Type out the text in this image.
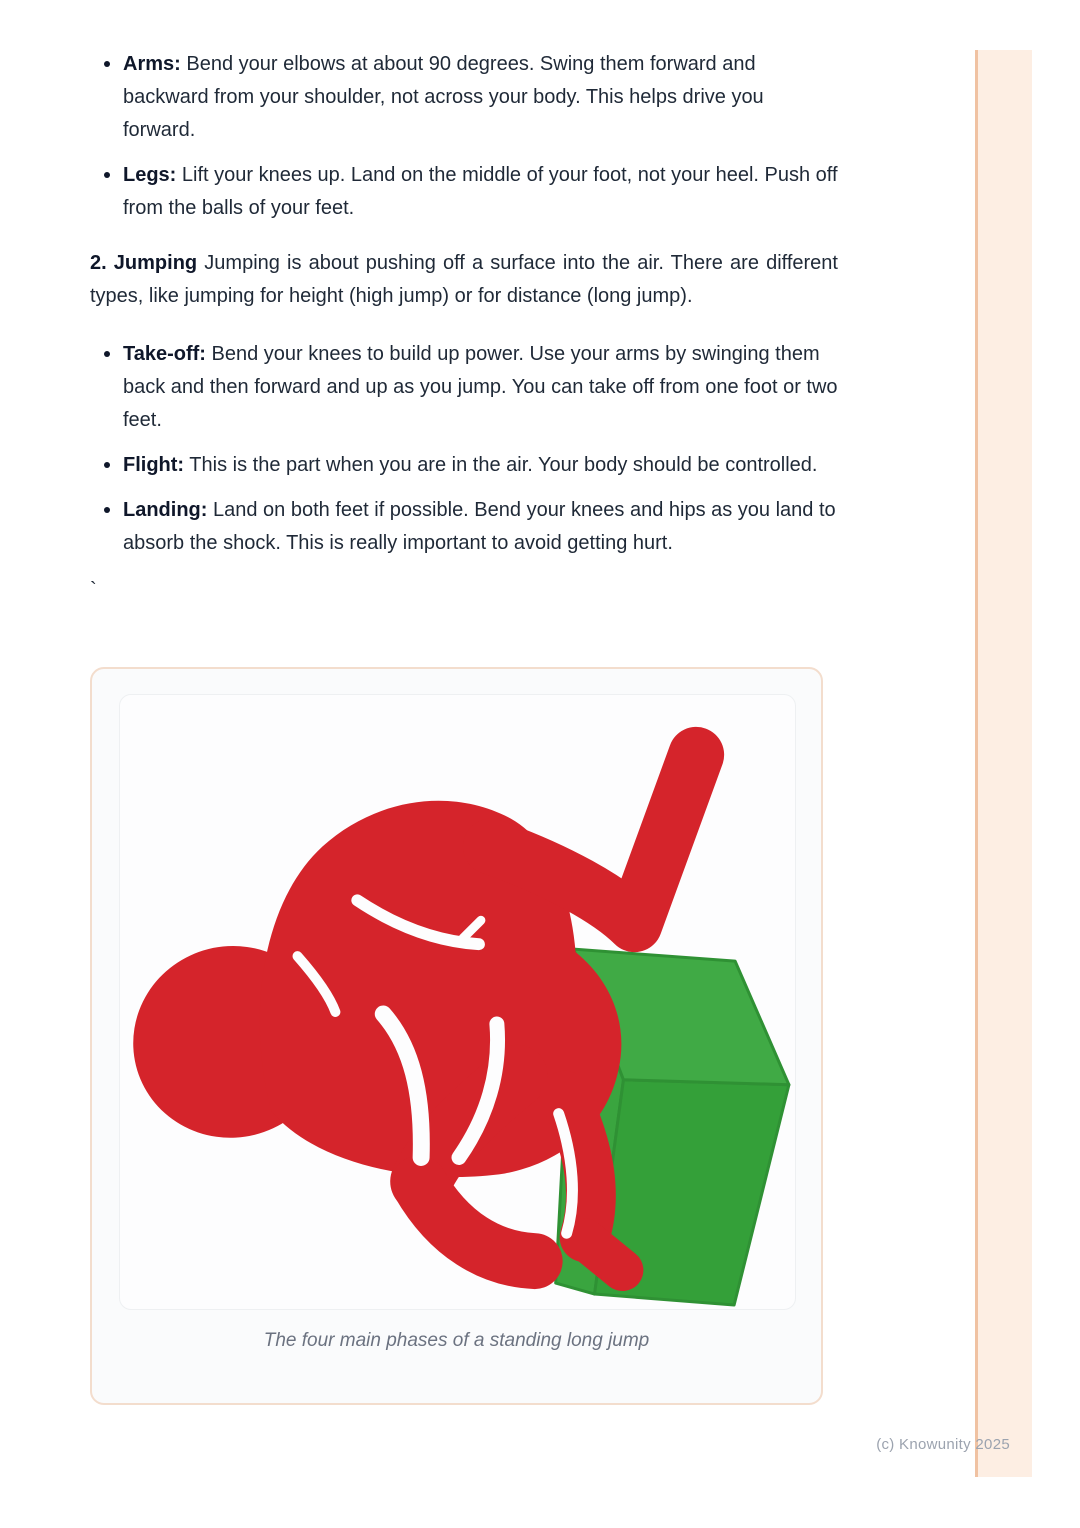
Arms: Bend your elbows at about 90 degrees. Swing them forward and backward from your shoulder, not across your body. This helps drive you forward.
Legs: Lift your knees up. Land on the middle of your foot, not your heel. Push off from the balls of your feet.

2. Jumping Jumping is about pushing off a surface into the air. There are different types, like jumping for height (high jump) or for distance (long jump).

Take-off: Bend your knees to build up power. Use your arms by swinging them back and then forward and up as you jump. You can take off from one foot or two feet.
Flight: This is the part when you are in the air. Your body should be controlled.
Landing: Land on both feet if possible. Bend your knees and hips as you land to absorb the shock. This is really important to avoid getting hurt.
`
The four main phases of a standing long jump
(c) Knowunity 2025
